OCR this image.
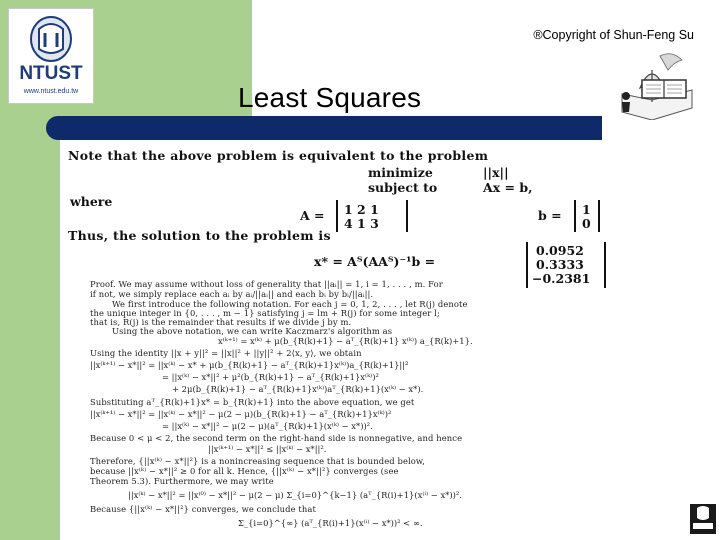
NTUST
www.ntust.edu.tw
®Copyright of Shun-Feng Su
Least Squares
Note that the above problem is equivalent to the problem
minimize	||x||
subject to	Ax = b,
where
A = 1 2 1
4 1 3
b = 1
0
Thus, the solution to the problem is
x* = Aᵀ(AAᵀ)⁻¹b =
0.0952
0.3333
−0.2381
Proof. We may assume without loss of generality that ||aᵢ|| = 1, i = 1, . . . , m. For
if not, we simply replace each aᵢ by aᵢ/||aᵢ|| and each bᵢ by bᵢ/||aᵢ||.
We first introduce the following notation. For each j = 0, 1, 2, . . . , let R(j) denote
the unique integer in {0, . . . , m − 1} satisfying j = lm + R(j) for some integer l;
that is, R(j) is the remainder that results if we divide j by m.
Using the above notation, we can write Kaczmarz's algorithm as
x⁽ᵏ⁺¹⁾ = x⁽ᵏ⁾ + μ(b_{R(k)+1} − aᵀ_{R(k)+1} x⁽ᵏ⁾) a_{R(k)+1}.
Using the identity ||x + y||² = ||x||² + ||y||² + 2⟨x, y⟩, we obtain
||x⁽ᵏ⁺¹⁾ − x*||² = ||x⁽ᵏ⁾ − x* + μ(b_{R(k)+1} − aᵀ_{R(k)+1}x⁽ᵏ⁾)a_{R(k)+1}||²
= ||x⁽ᵏ⁾ − x*||² + μ²(b_{R(k)+1} − aᵀ_{R(k)+1}x⁽ᵏ⁾)²
+ 2μ(b_{R(k)+1} − aᵀ_{R(k)+1}x⁽ᵏ⁾)aᵀ_{R(k)+1}(x⁽ᵏ⁾ − x*).
Substituting aᵀ_{R(k)+1}x* = b_{R(k)+1} into the above equation, we get
||x⁽ᵏ⁺¹⁾ − x*||² = ||x⁽ᵏ⁾ − x*||² − μ(2 − μ)(b_{R(k)+1} − aᵀ_{R(k)+1}x⁽ᵏ⁾)²
= ||x⁽ᵏ⁾ − x*||² − μ(2 − μ)(aᵀ_{R(k)+1}(x⁽ᵏ⁾ − x*))².
Because 0 < μ < 2, the second term on the right-hand side is nonnegative, and hence
||x⁽ᵏ⁺¹⁾ − x*||² ≤ ||x⁽ᵏ⁾ − x*||².
Therefore, {||x⁽ᵏ⁾ − x*||²} is a nonincreasing sequence that is bounded below,
because ||x⁽ᵏ⁾ − x*||² ≥ 0 for all k. Hence, {||x⁽ᵏ⁾ − x*||²} converges (see
Theorem 5.3). Furthermore, we may write
||x⁽ᵏ⁾ − x*||² = ||x⁽⁰⁾ − x*||² − μ(2 − μ) Σ_{i=0}^{k−1} (aᵀ_{R(i)+1}(x⁽ⁱ⁾ − x*))².
Because {||x⁽ᵏ⁾ − x*||²} converges, we conclude that
Σ_{i=0}^{∞} (aᵀ_{R(i)+1}(x⁽ⁱ⁾ − x*))² < ∞.
